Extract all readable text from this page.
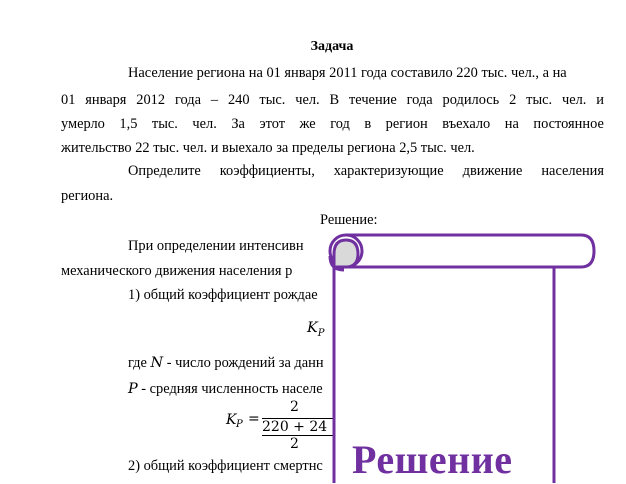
Задача
Население региона на 01 января 2011 года составило 220 тыс. чел., а на
01 января 2012 года – 240 тыс. чел. В течение года родилось 2 тыс. чел. и
умерло 1,5 тыс. чел. За этот же год в регион въехало на постоянное
жительство 22 тыс. чел. и выехало за пределы региона 2,5 тыс. чел.
Определите коэффициенты, характеризующие движение населения
региона.
Решение:
При определении интенсивн
механического движения населения р
1) общий коэффициент рождае
$K_Р$
где N - число рождений за данн
P - средняя численность населе
K P =
2
220 + 24
2
2) общий коэффициент смертнс Решение
